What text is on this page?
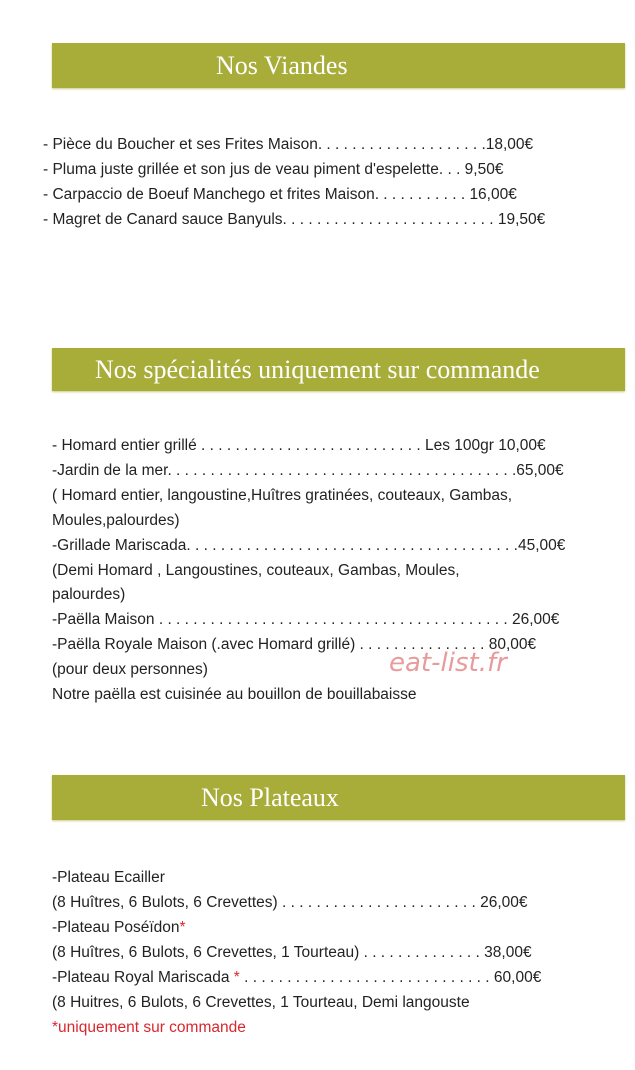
Nos Viandes
- Pièce du Boucher et ses Frites Maison. . . . . . . . . . . . . . . . . . . .18,00€
- Pluma juste grillée et son jus de veau piment d'espelette. . . 9,50€
- Carpaccio de Boeuf Manchego et frites Maison. . . . . . . . . . . 16,00€
- Magret de Canard sauce Banyuls. . . . . . . . . . . . . . . . . . . . . . . . . 19,50€
Nos spécialités uniquement sur commande
- Homard entier grillé . . . . . . . . . . . . . . . . . . . . . . . . . . Les 100gr 10,00€
-Jardin de la mer. . . . . . . . . . . . . . . . . . . . . . . . . . . . . . . . . . . . . . . . .65,00€
( Homard entier, langoustine,Huîtres gratinées, couteaux, Gambas,
Moules,palourdes)
-Grillade Mariscada. . . . . . . . . . . . . . . . . . . . . . . . . . . . . . . . . . . . . . .45,00€
(Demi Homard , Langoustines, couteaux, Gambas, Moules,
palourdes)
-Paëlla Maison . . . . . . . . . . . . . . . . . . . . . . . . . . . . . . . . . . . . . . . . . 26,00€
-Paëlla Royale Maison (.avec Homard grillé) . . . . . . . . . . . . . . . 80,00€
(pour deux personnes)
Notre paëlla est cuisinée au bouillon de bouillabaisse
eat-list.fr
Nos Plateaux
-Plateau Ecailler
(8 Huîtres, 6 Bulots, 6 Crevettes) . . . . . . . . . . . . . . . . . . . . . . . 26,00€
-Plateau Poséïdon*
(8 Huîtres, 6 Bulots, 6 Crevettes, 1 Tourteau) . . . . . . . . . . . . . . 38,00€
-Plateau Royal Mariscada * . . . . . . . . . . . . . . . . . . . . . . . . . . . . . 60,00€
(8 Huitres, 6 Bulots, 6 Crevettes, 1 Tourteau, Demi langouste
*uniquement sur commande
